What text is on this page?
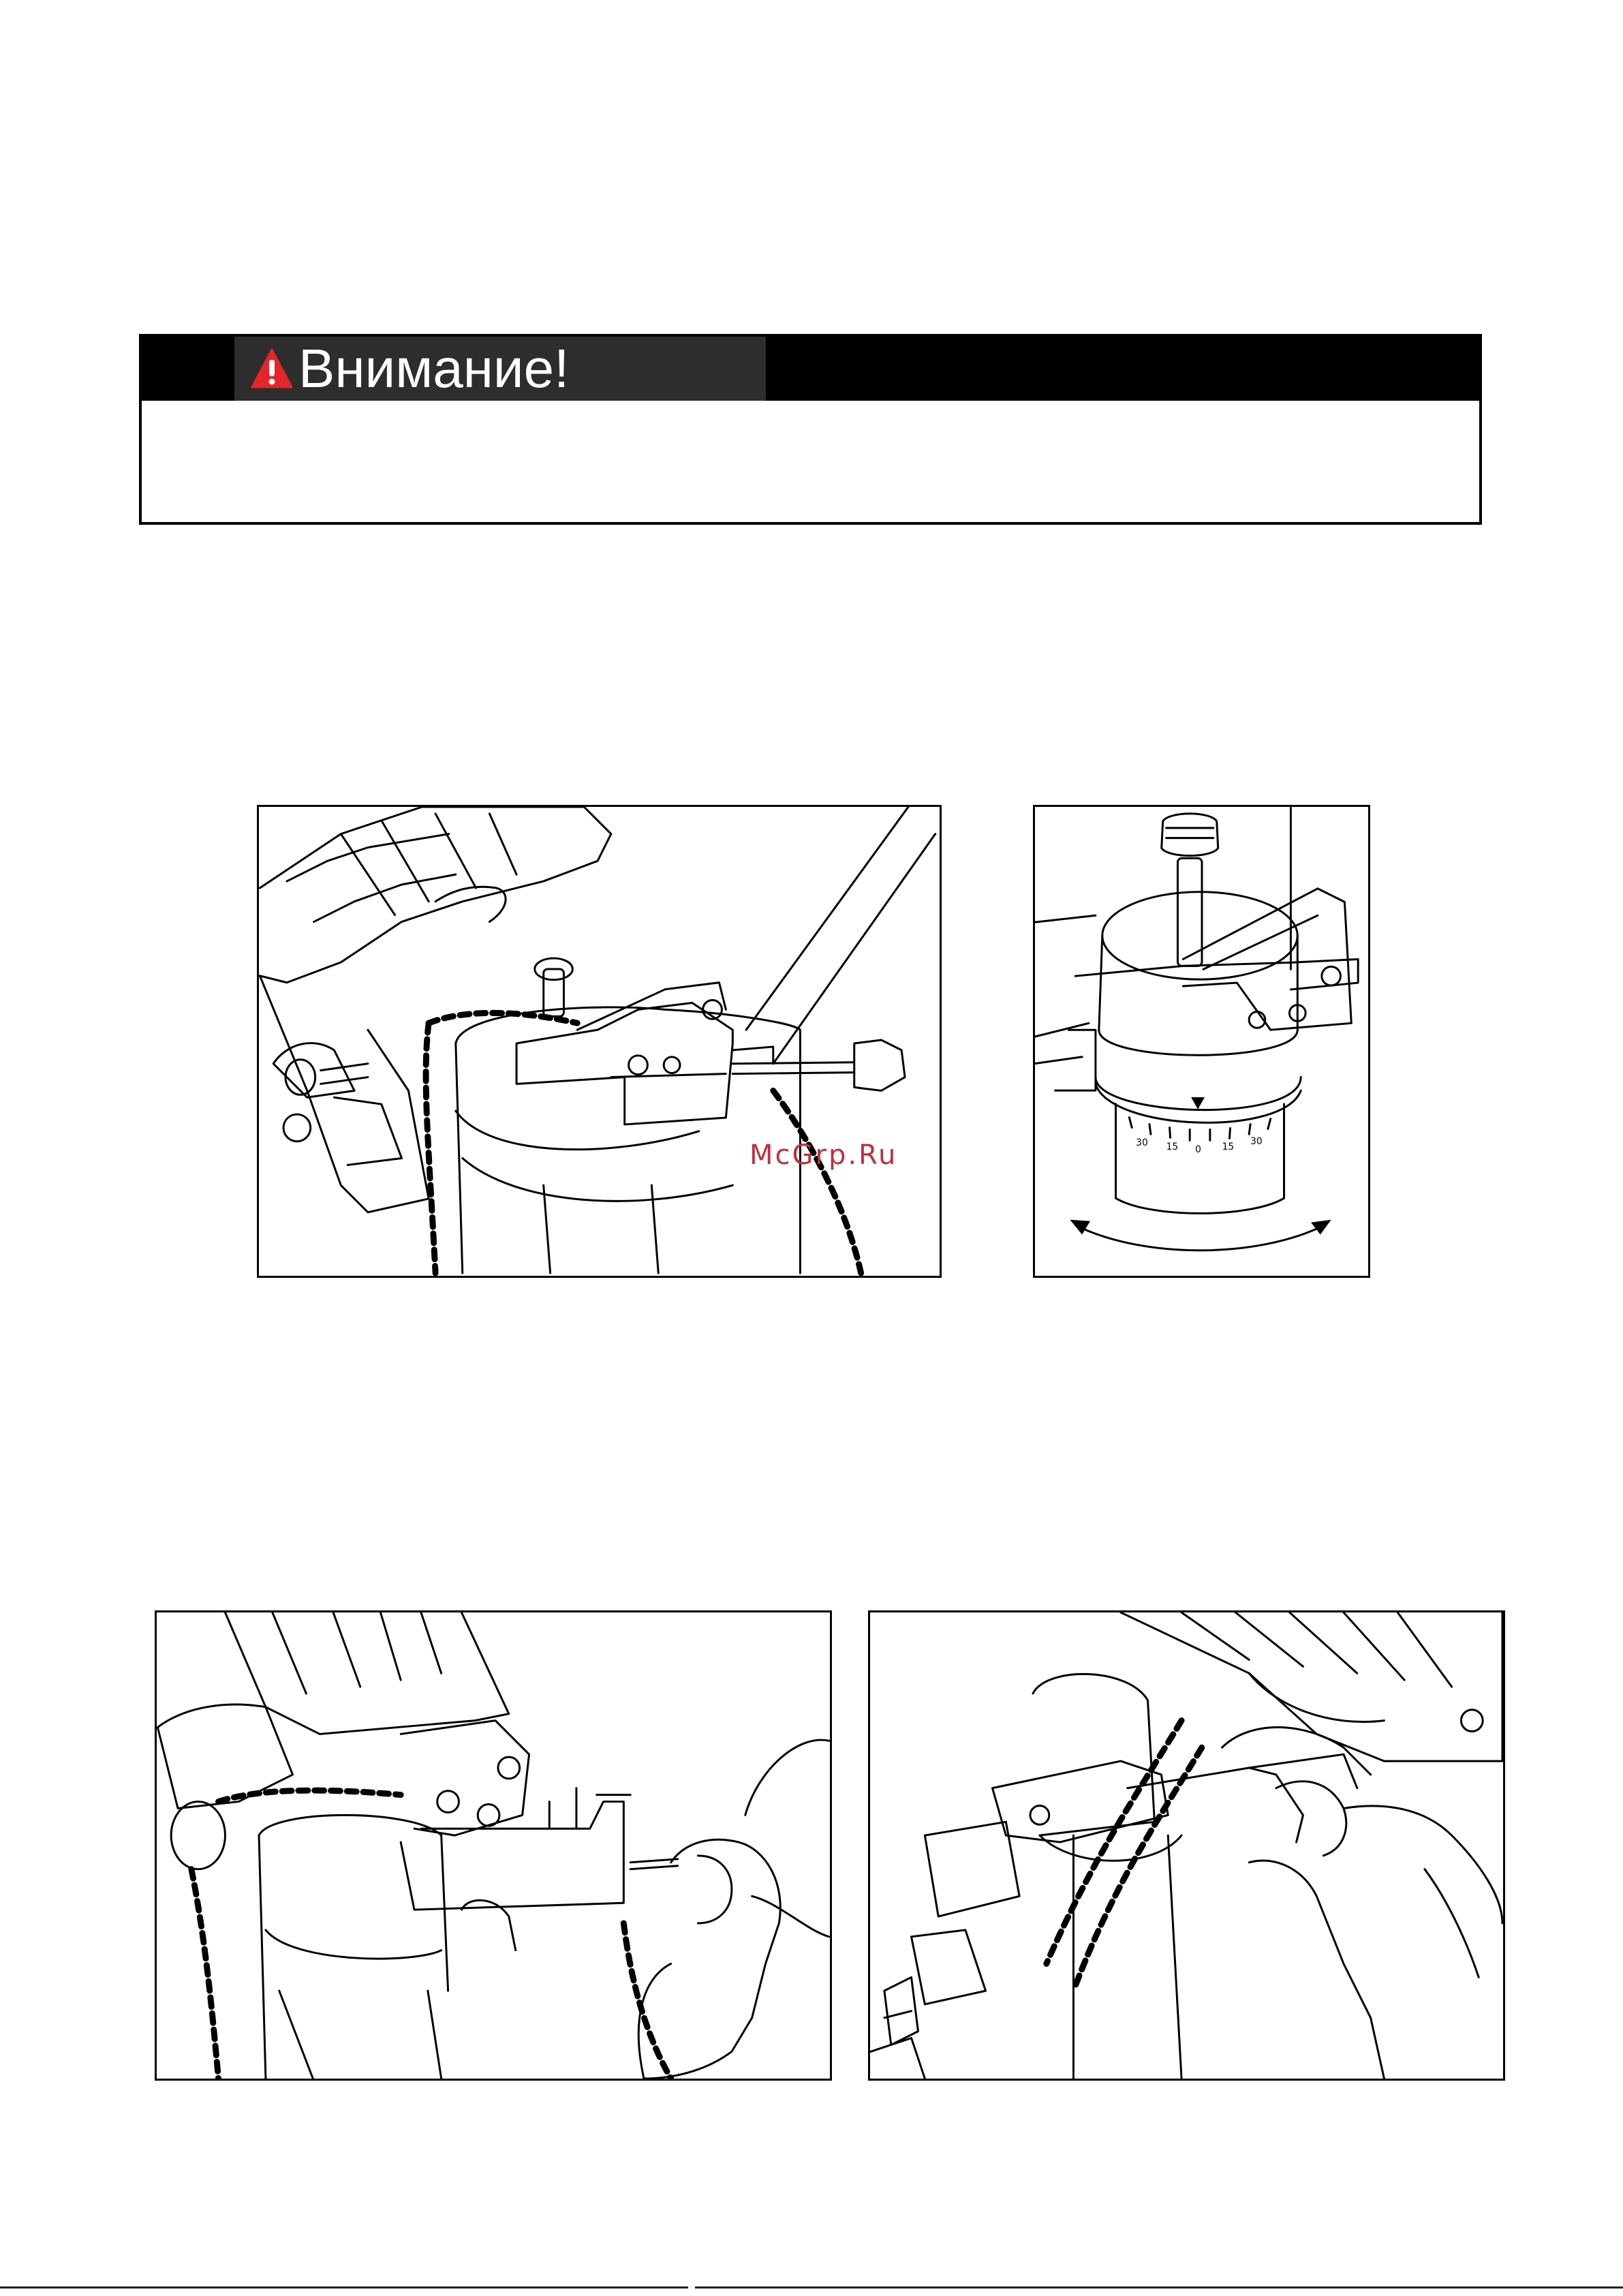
Внимание!
McGrp.Ru	30 15 0 15 30
